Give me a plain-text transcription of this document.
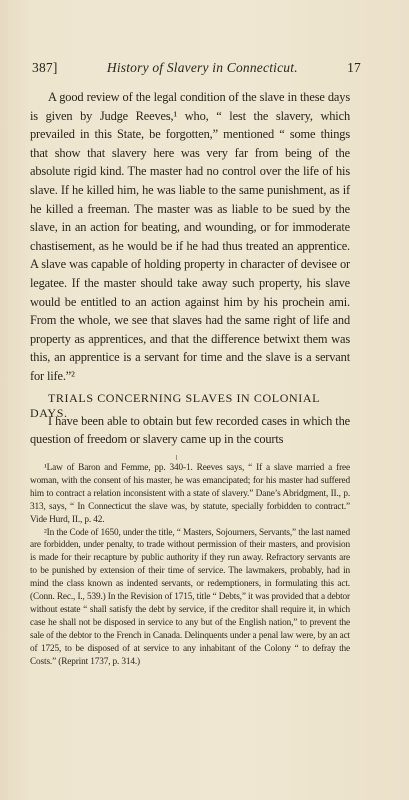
387]	History of Slavery in Connecticut.	17

A good review of the legal condition of the slave in these days is given by Judge Reeves,¹ who, “ lest the slavery, which prevailed in this State, be forgotten,” mentioned “ some things that show that slavery here was very far from being of the absolute rigid kind. The master had no control over the life of his slave. If he killed him, he was liable to the same punishment, as if he killed a freeman. The master was as liable to be sued by the slave, in an action for beating, and wounding, or for immoderate chastisement, as he would be if he had thus treated an apprentice. A slave was capable of holding property in character of devisee or legatee. If the master should take away such property, his slave would be entitled to an action against him by his prochein ami. From the whole, we see that slaves had the same right of life and property as apprentices, and that the difference betwixt them was this, an apprentice is a servant for time and the slave is a servant for life.”²

TRIALS CONCERNING SLAVES IN COLONIAL DAYS.

I have been able to obtain but few recorded cases in which the question of freedom or slavery came up in the courts

¹Law of Baron and Femme, pp. 340-1. Reeves says, “ If a slave married a free woman, with the consent of his master, he was emancipated; for his master had suffered him to contract a relation inconsistent with a state of slavery.” Dane’s Abridgment, II., p. 313, says, “ In Connecticut the slave was, by statute, specially forbidden to contract.” Vide Hurd, II., p. 42.

²In the Code of 1650, under the title, “ Masters, Sojourners, Servants,” the last named are forbidden, under penalty, to trade without permission of their masters, and provision is made for their recapture by public authority if they run away. Refractory servants are to be punished by extension of their time of service. The lawmakers, probably, had in mind the class known as indented servants, or redemptioners, in formulating this act. (Conn. Rec., I., 539.) In the Revision of 1715, title “ Debts,” it was provided that a debtor without estate “ shall satisfy the debt by service, if the creditor shall require it, in which case he shall not be disposed in service to any but of the English nation,” to prevent the sale of the debtor to the French in Canada. Delinquents under a penal law were, by an act of 1725, to be disposed of at service to any inhabitant of the Colony “ to defray the Costs.” (Reprint 1737, p. 314.)
